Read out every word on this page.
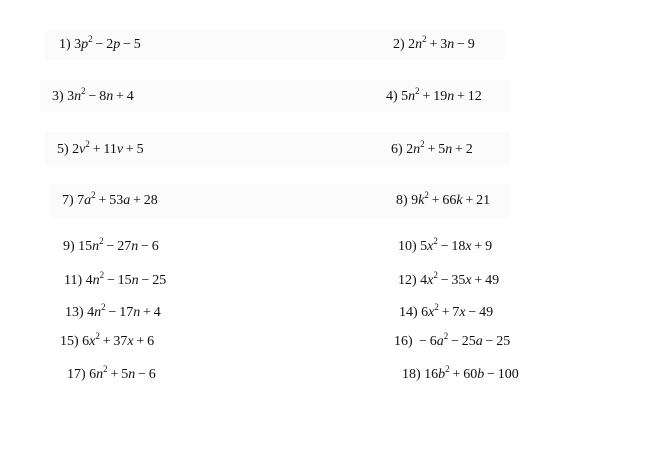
1) $3p^2 - 2p - 5$	2) $2n^2 + 3n - 9$
3) $3n^2 - 8n + 4$	4) $5n^2 + 19n + 12$
5) $2v^2 + 11v + 5$	6) $2n^2 + 5n + 2$
7) $7a^2 + 53a + 28$	8) $9k^2 + 66k + 21$
9) $15n^2 - 27n - 6$	10) $5x^2 - 18x + 9$
11) $4n^2 - 15n - 25$	12) $4x^2 - 35x + 49$
13) $4n^2 - 17n + 4$	14) $6x^2 + 7x - 49$
15) $6x^2 + 37x + 6$	$16) - 6a^2 - 25a - 25$
17) $6n^2 + 5n - 6$	18) $16b^2 + 60b - 100$
